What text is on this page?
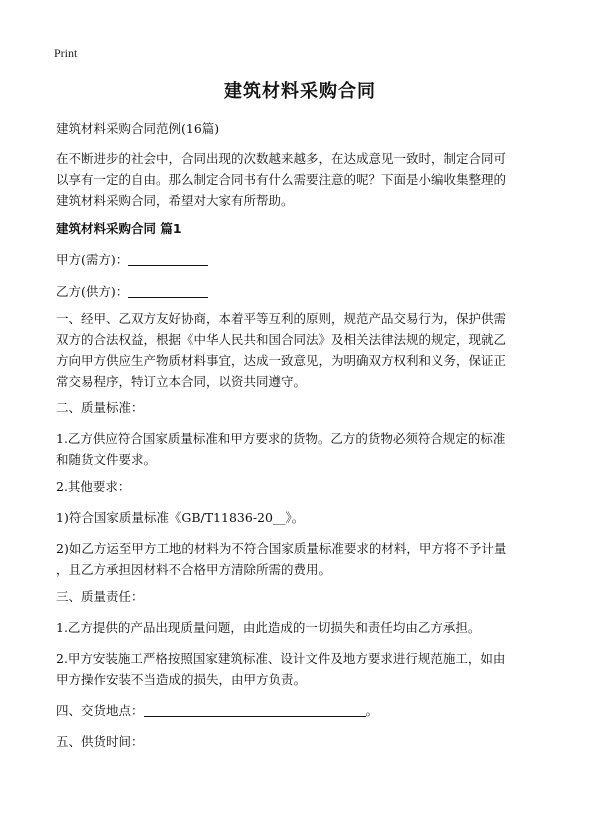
Print
建筑材料采购合同
建筑材料采购合同范例(16篇)
在不断进步的社会中，合同出现的次数越来越多，在达成意见一致时，制定合同可
以享有一定的自由。那么制定合同书有什么需要注意的呢？下面是小编收集整理的
建筑材料采购合同，希望对大家有所帮助。
建筑材料采购合同 篇1
甲方(需方)：
乙方(供方)：
一、经甲、乙双方友好协商，本着平等互利的原则，规范产品交易行为，保护供需
双方的合法权益，根据《中华人民共和国合同法》及相关法律法规的规定，现就乙
方向甲方供应生产物质材料事宜，达成一致意见，为明确双方权利和义务，保证正
常交易程序，特订立本合同，以资共同遵守。
二、质量标准：
1.乙方供应符合国家质量标准和甲方要求的货物。乙方的货物必须符合规定的标准
和随货文件要求。
2.其他要求：
1)符合国家质量标准《GB/T11836-20__》。
2)如乙方运至甲方工地的材料为不符合国家质量标准要求的材料，甲方将不予计量
，且乙方承担因材料不合格甲方清除所需的费用。
三、质量责任：
1.乙方提供的产品出现质量问题，由此造成的一切损失和责任均由乙方承担。
2.甲方安装施工严格按照国家建筑标准、设计文件及地方要求进行规范施工，如由
甲方操作安装不当造成的损失，由甲方负责。
四、交货地点：	。
五、供货时间：
